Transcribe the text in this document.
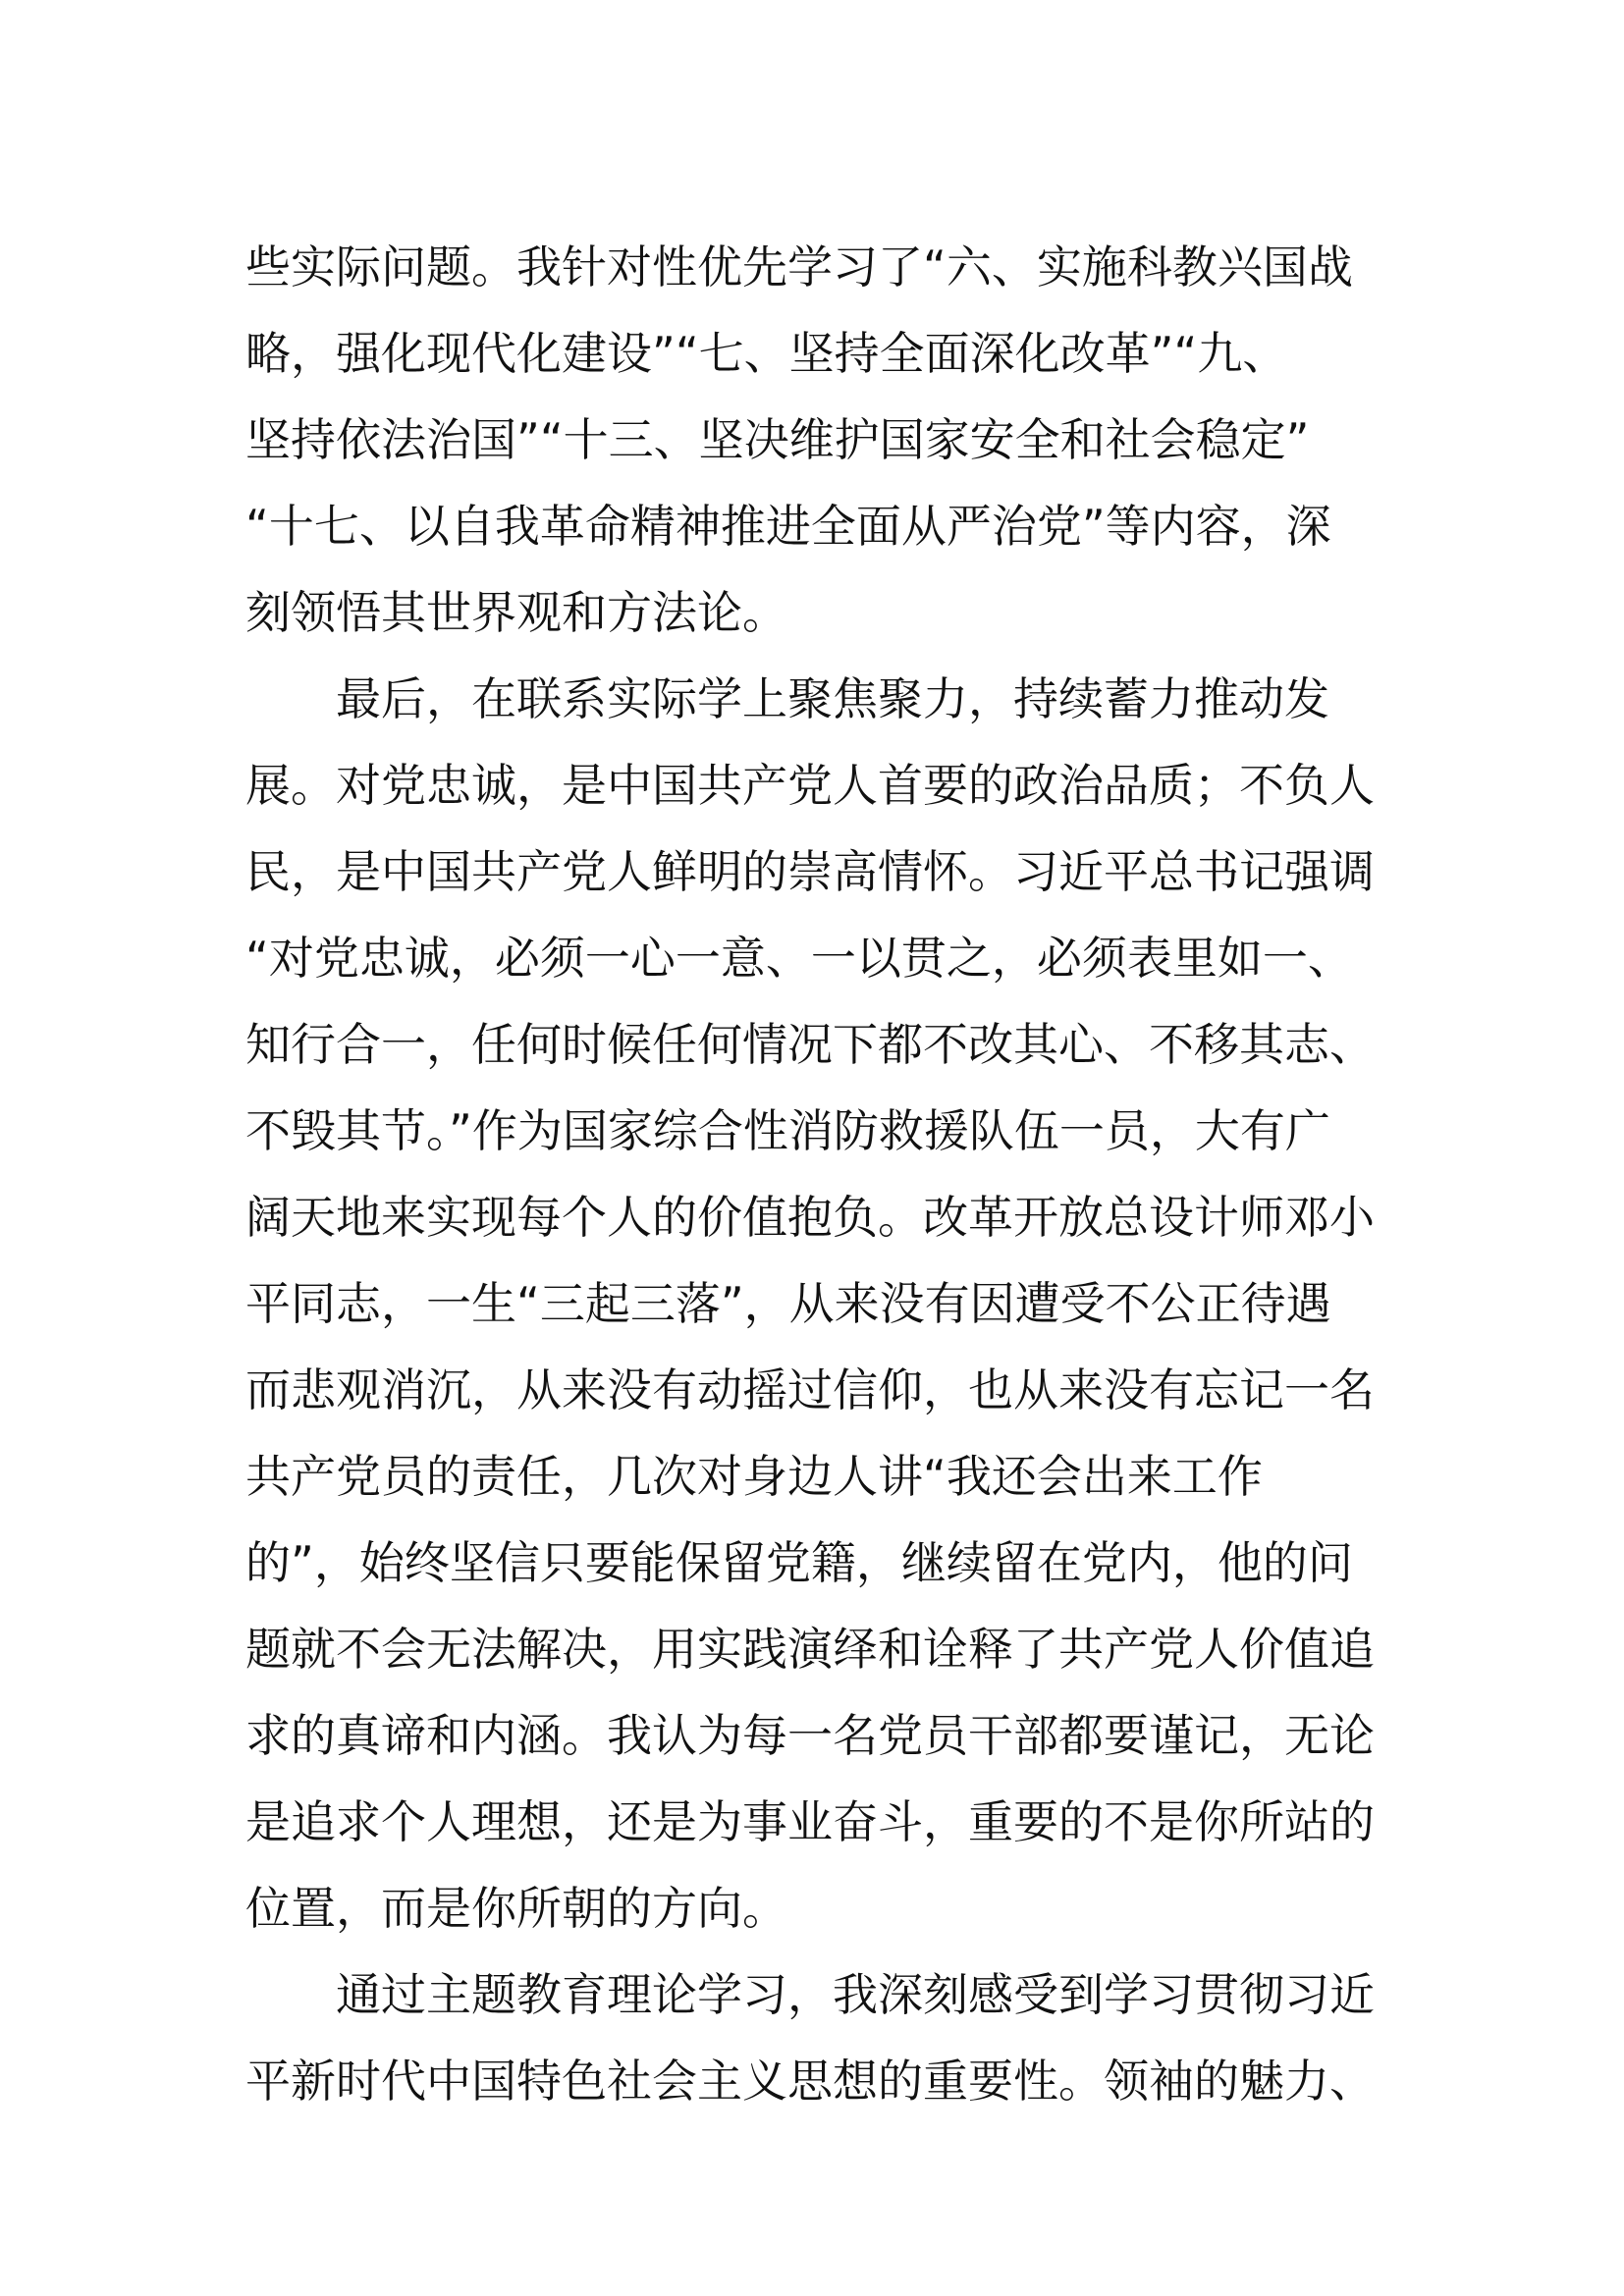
些实际问题。我针对性优先学习了“六、实施科教兴国战
略，强化现代化建设”“七、坚持全面深化改革”“九、
坚持依法治国”“十三、坚决维护国家安全和社会稳定”
“十七、以自我革命精神推进全面从严治党”等内容，深
刻领悟其世界观和方法论。
最后，在联系实际学上聚焦聚力，持续蓄力推动发
展。对党忠诚，是中国共产党人首要的政治品质；不负人
民，是中国共产党人鲜明的崇高情怀。习近平总书记强调
“对党忠诚，必须一心一意、一以贯之，必须表里如一、
知行合一，任何时候任何情况下都不改其心、不移其志、
不毁其节。”作为国家综合性消防救援队伍一员，大有广
阔天地来实现每个人的价值抱负。改革开放总设计师邓小
平同志，一生“三起三落”，从来没有因遭受不公正待遇
而悲观消沉，从来没有动摇过信仰，也从来没有忘记一名
共产党员的责任，几次对身边人讲“我还会出来工作
的”，始终坚信只要能保留党籍，继续留在党内，他的问
题就不会无法解决，用实践演绎和诠释了共产党人价值追
求的真谛和内涵。我认为每一名党员干部都要谨记，无论
是追求个人理想，还是为事业奋斗，重要的不是你所站的
位置，而是你所朝的方向。
通过主题教育理论学习，我深刻感受到学习贯彻习近
平新时代中国特色社会主义思想的重要性。领袖的魅力、
